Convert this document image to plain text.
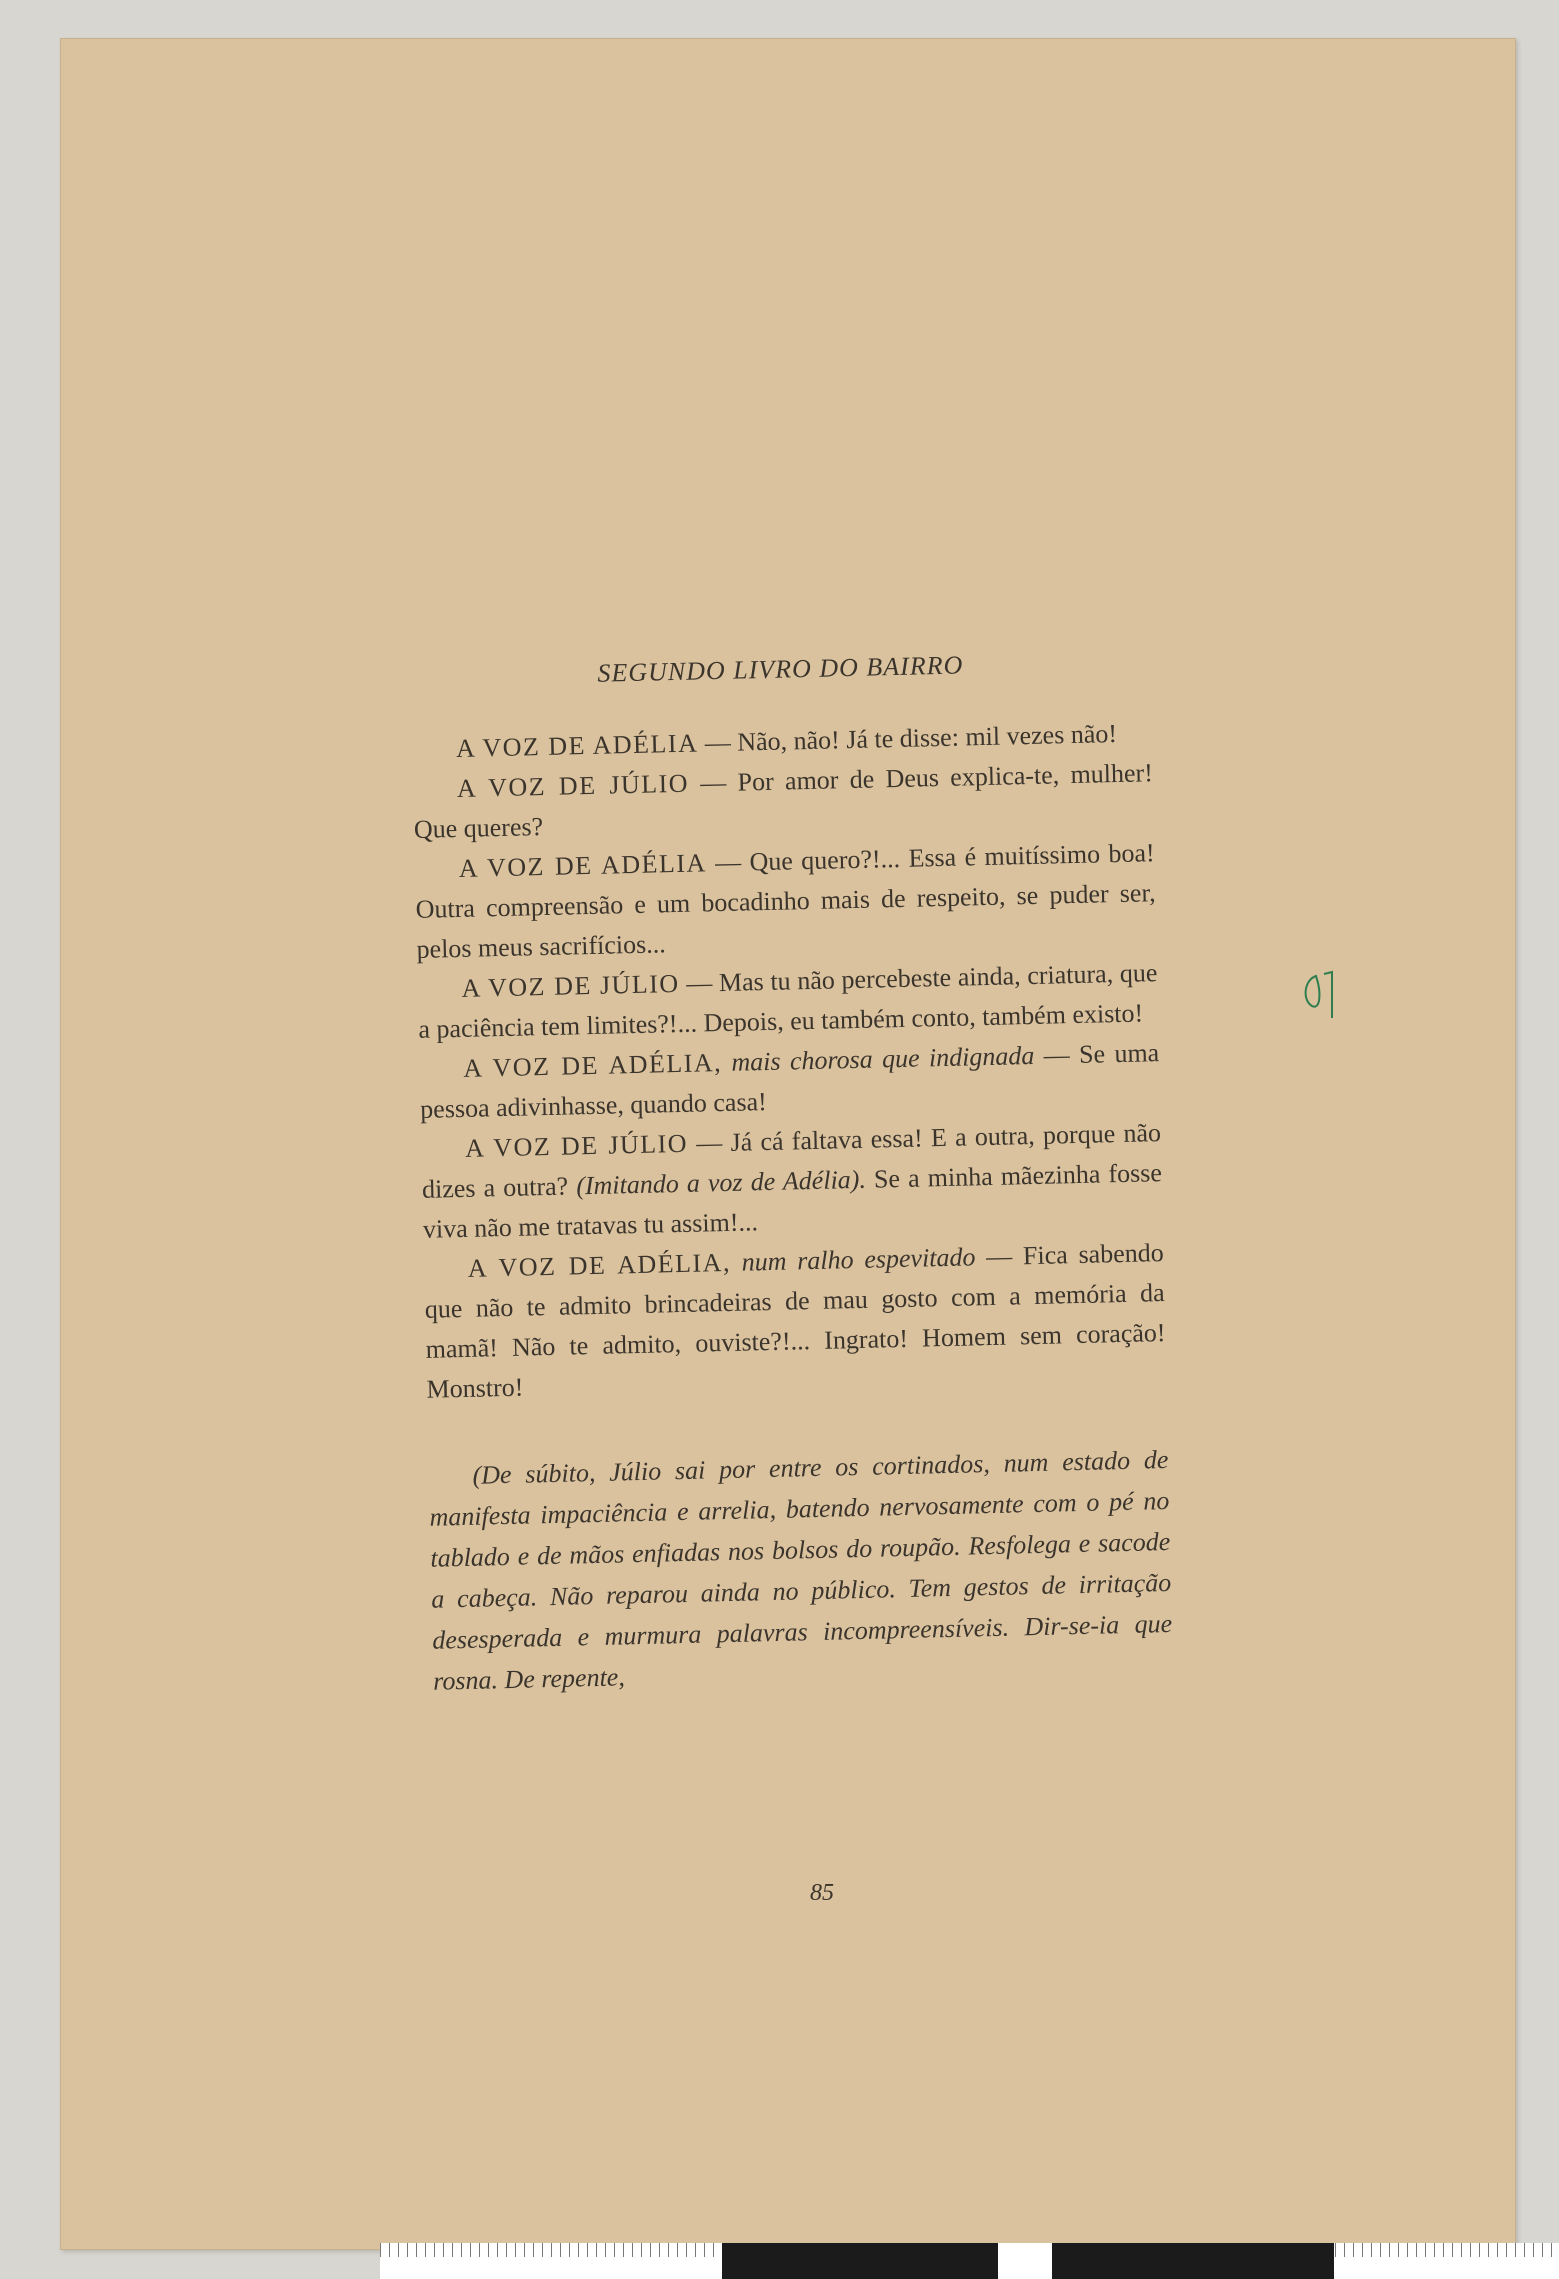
SEGUNDO LIVRO DO BAIRRO

A VOZ DE ADÉLIA — Não, não! Já te disse: mil vezes não!

A VOZ DE JÚLIO — Por amor de Deus explica-te, mulher! Que queres?

A VOZ DE ADÉLIA — Que quero?!... Essa é muitíssimo boa! Outra compreensão e um bocadinho mais de respeito, se puder ser, pelos meus sacrifícios...

A VOZ DE JÚLIO — Mas tu não percebeste ainda, criatura, que a paciência tem limites?!... Depois, eu também conto, também existo!

A VOZ DE ADÉLIA, mais chorosa que indignada — Se uma pessoa adivinhasse, quando casa!

A VOZ DE JÚLIO — Já cá faltava essa! E a outra, porque não dizes a outra? (Imitando a voz de Adélia). Se a minha mãezinha fosse viva não me tratavas tu assim!...

A VOZ DE ADÉLIA, num ralho espevitado — Fica sabendo que não te admito brincadeiras de mau gosto com a memória da mamã! Não te admito, ouviste?!... Ingrato! Homem sem coração! Monstro!

(De súbito, Júlio sai por entre os cortinados, num estado de manifesta impaciência e arrelia, batendo nervosamente com o pé no tablado e de mãos enfiadas nos bolsos do roupão. Resfolega e sacode a cabeça. Não reparou ainda no público. Tem gestos de irritação desesperada e murmura palavras incompreensíveis. Dir-se-ia que rosna. De repente,

85
